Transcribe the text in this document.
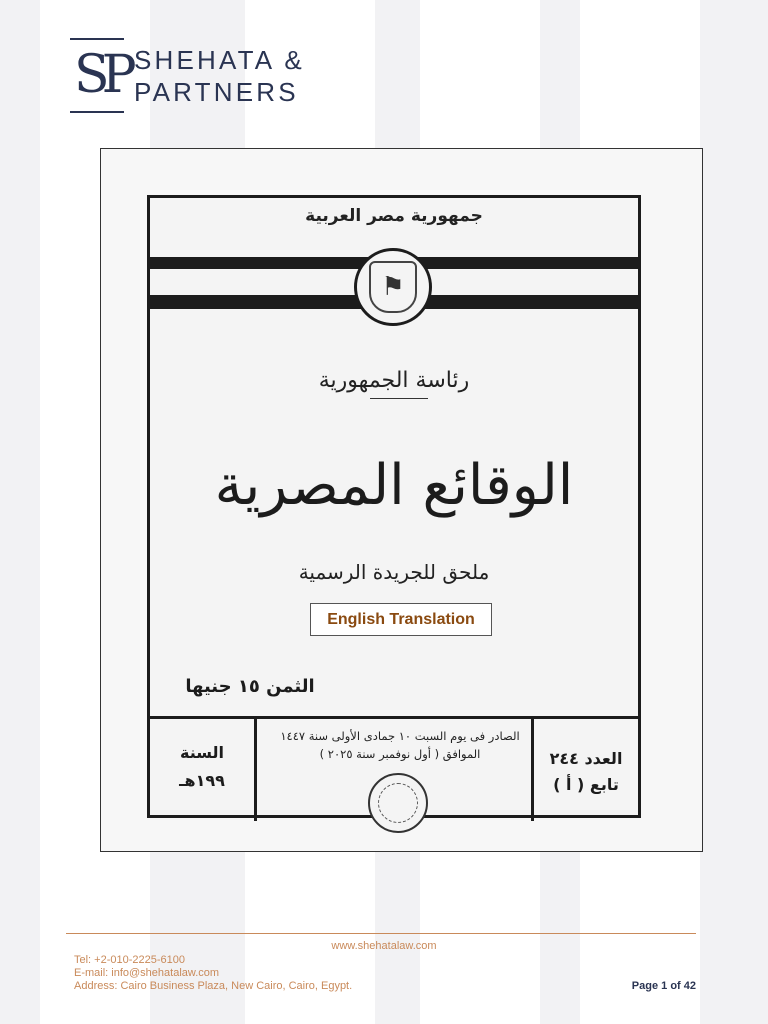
SP SHEHATA &
PARTNERS
جمهورية مصر العربية
⚑
رئاسة الجمهورية
الوقائع المصرية
ملحق للجريدة الرسمية
English Translation
الثمن ١٥ جنيها
السنة
١٩٩هـ
الصادر فى يوم السبت ١٠ جمادى الأولى سنة ١٤٤٧
الموافق ( أول نوفمبر سنة ٢٠٢٥ )	العدد ٢٤٤
تابع ( أ )
www.shehatalaw.com
Tel: +2-010-2225-6100
E-mail: info@shehatalaw.com
Address: Cairo Business Plaza, New Cairo, Cairo, Egypt.	Page 1 of 42
